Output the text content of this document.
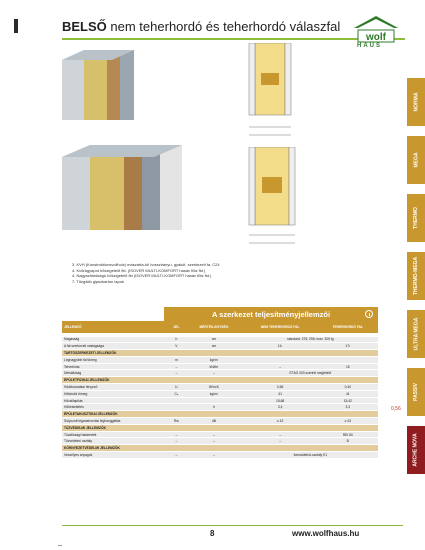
BELSŐ nem teherhordó és teherhordó válaszfal
wolf
HAUS
NORMA
MEGA
THERMO
THERMO-MEGA
ULTRA MEGA
PASSIV
ARCHE NOVA
3. KVH (Konstruktionsvollholz) mászárfa-tól hosszirányú, gyalult, szerkezeti fa, C24
4. Kvőrágyapot hőszigetelő fkt. (ISOVER MULTI-KOMFORT hasáv fűtz fkt.)
4. Nagyszilárdságú hőszigetelő fkt (ISOVER MULTI-KOMFORT hasáv fűtz fkt.)
7. Tűzgátló gipszkarton lapok
A szerkezet teljesítményjellemzői
JELLEMZŐ	JEL	MÉRTÉK-EGYSÉG	NEM TEHERHORDÓ FAL	TEHERHORDÓ FAL

Magasság	h	cm	standard: 275; 295; max. 325 fg	
A fal szerkezeti vastagsága	V	cm	11¹	17²
TARTÓSZERKEZETI JELLEMZŐK				
Legnagyobb fal tömeg	m	kg/m²		
Teherbírás	–	kN/fm	–	15
Ütésállóság	–	–	ETAG 003 szerinti megfelelő	
ÉPÜLETFIZIKAI JELLEMZŐK				
Hőátbocsátási tényező	U	W/m²K	0,56	0,40
Hőtárolói tömeg	Cₕ	kg/m²	41	41
Hőcsillapítás			15,68	15,42
Hőkésleltetés		h	3,4	3,3
ÉPÜLETAKUSZTIKAI JELLEMZŐK				
Súlyozott léganahorvási léghanggátlás	Rw	dB	≥ 42	≥ 43
TŰZVÉDELMI JELLEMZŐK				
Tűzállósági határérték	–	–	–	REI 60
Tűzvédelmi osztály	–	–	–	B
KÖRNYEZETVÉDELMI JELLEMZŐK				
Veszélyes anyagok	–	–	formaldehid-osztály E1	
0,56
8	www.wolfhaus.hu
